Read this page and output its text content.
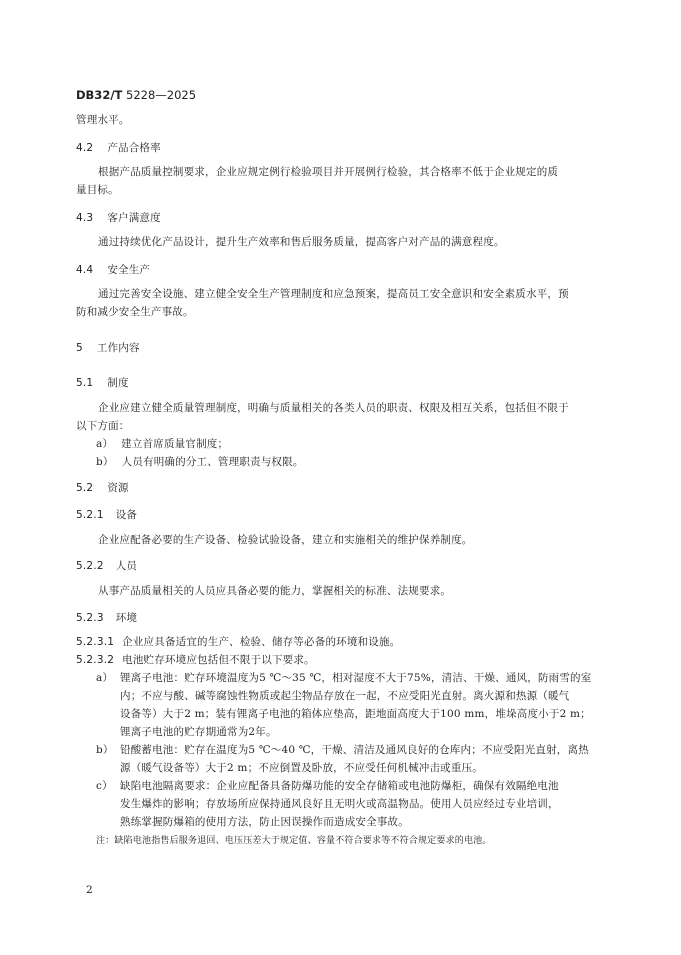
DB32/T 5228—2025
管理水平。
4.2 产品合格率
根据产品质量控制要求，企业应规定例行检验项目并开展例行检验，其合格率不低于企业规定的质
量目标。
4.3 客户满意度
通过持续优化产品设计，提升生产效率和售后服务质量，提高客户对产品的满意程度。
4.4 安全生产
通过完善安全设施、建立健全安全生产管理制度和应急预案，提高员工安全意识和安全素质水平，预
防和减少安全生产事故。
5 工作内容
5.1 制度
企业应建立健全质量管理制度，明确与质量相关的各类人员的职责、权限及相互关系，包括但不限于
以下方面：
a） 建立首席质量官制度；
b） 人员有明确的分工、管理职责与权限。
5.2 资源
5.2.1 设备
企业应配备必要的生产设备、检验试验设备，建立和实施相关的维护保养制度。
5.2.2 人员
从事产品质量相关的人员应具备必要的能力，掌握相关的标准、法规要求。
5.2.3 环境
5.2.3.1 企业应具备适宜的生产、检验、储存等必备的环境和设施。
5.2.3.2 电池贮存环境应包括但不限于以下要求。
a） 锂离子电池：贮存环境温度为5 ℃～35 ℃，相对湿度不大于75%，清洁、干燥、通风，防雨雪的室
内；不应与酸、碱等腐蚀性物质或起尘物品存放在一起，不应受阳光直射。离火源和热源（暖气
设备等）大于2 m；装有锂离子电池的箱体应垫高，距地面高度大于100 mm，堆垛高度小于2 m；
锂离子电池的贮存期通常为2年。
b） 铅酸蓄电池：贮存在温度为5 ℃～40 ℃，干燥、清洁及通风良好的仓库内；不应受阳光直射，离热
源（暖气设备等）大于2 m；不应倒置及卧放，不应受任何机械冲击或重压。
c） 缺陷电池隔离要求：企业应配备具备防爆功能的安全存储箱或电池防爆柜，确保有效隔绝电池
发生爆炸的影响；存放场所应保持通风良好且无明火或高温物品。使用人员应经过专业培训，
熟练掌握防爆箱的使用方法，防止因误操作而造成安全事故。
注：缺陷电池指售后服务退回、电压压差大于规定值、容量不符合要求等不符合规定要求的电池。
2
